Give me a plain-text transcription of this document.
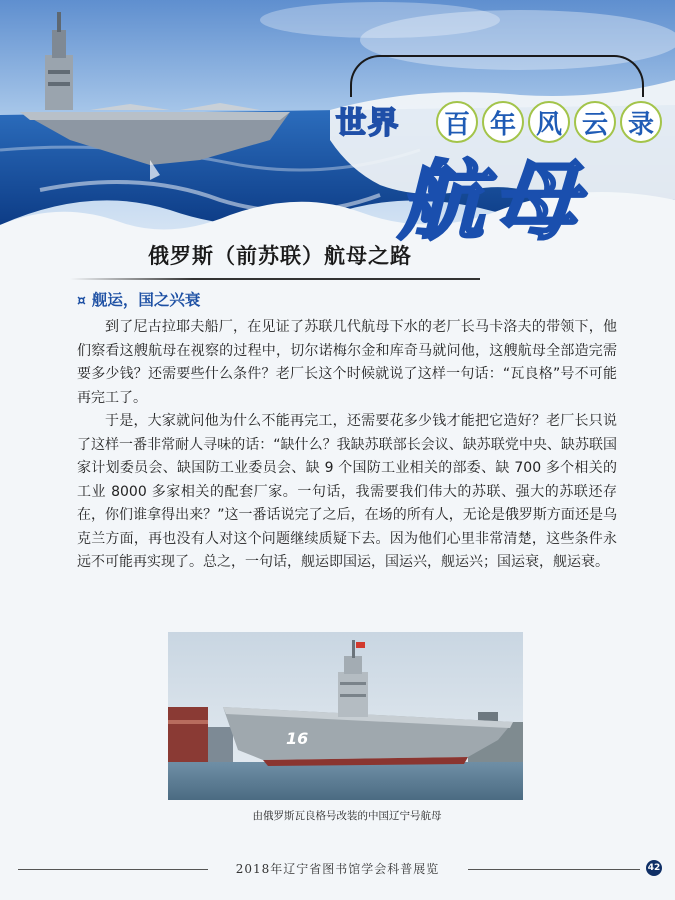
世界	百 年 风 云 录
航母
俄罗斯（前苏联）航母之路
¤ 舰运，国之兴衰

到了尼古拉耶夫船厂，在见证了苏联几代航母下水的老厂长马卡洛夫的带领下，他们察看这艘航母在视察的过程中，切尔诺梅尔金和库奇马就问他，这艘航母全部造完需要多少钱？还需要些什么条件？老厂长这个时候就说了这样一句话：“瓦良格”号不可能再完工了。

于是，大家就问他为什么不能再完工，还需要花多少钱才能把它造好？老厂长只说了这样一番非常耐人寻味的话：“缺什么？我缺苏联部长会议、缺苏联党中央、缺苏联国家计划委员会、缺国防工业委员会、缺 9 个国防工业相关的部委、缺 700 多个相关的工业 8000 多家相关的配套厂家。一句话，我需要我们伟大的苏联、强大的苏联还存在，你们谁拿得出来？”这一番话说完了之后，在场的所有人，无论是俄罗斯方面还是乌克兰方面，再也没有人对这个问题继续质疑下去。因为他们心里非常清楚，这些条件永远不可能再实现了。总之，一句话，舰运即国运，国运兴，舰运兴；国运衰，舰运衰。

16
由俄罗斯瓦良格号改装的中国辽宁号航母
2018年辽宁省图书馆学会科普展览	42
